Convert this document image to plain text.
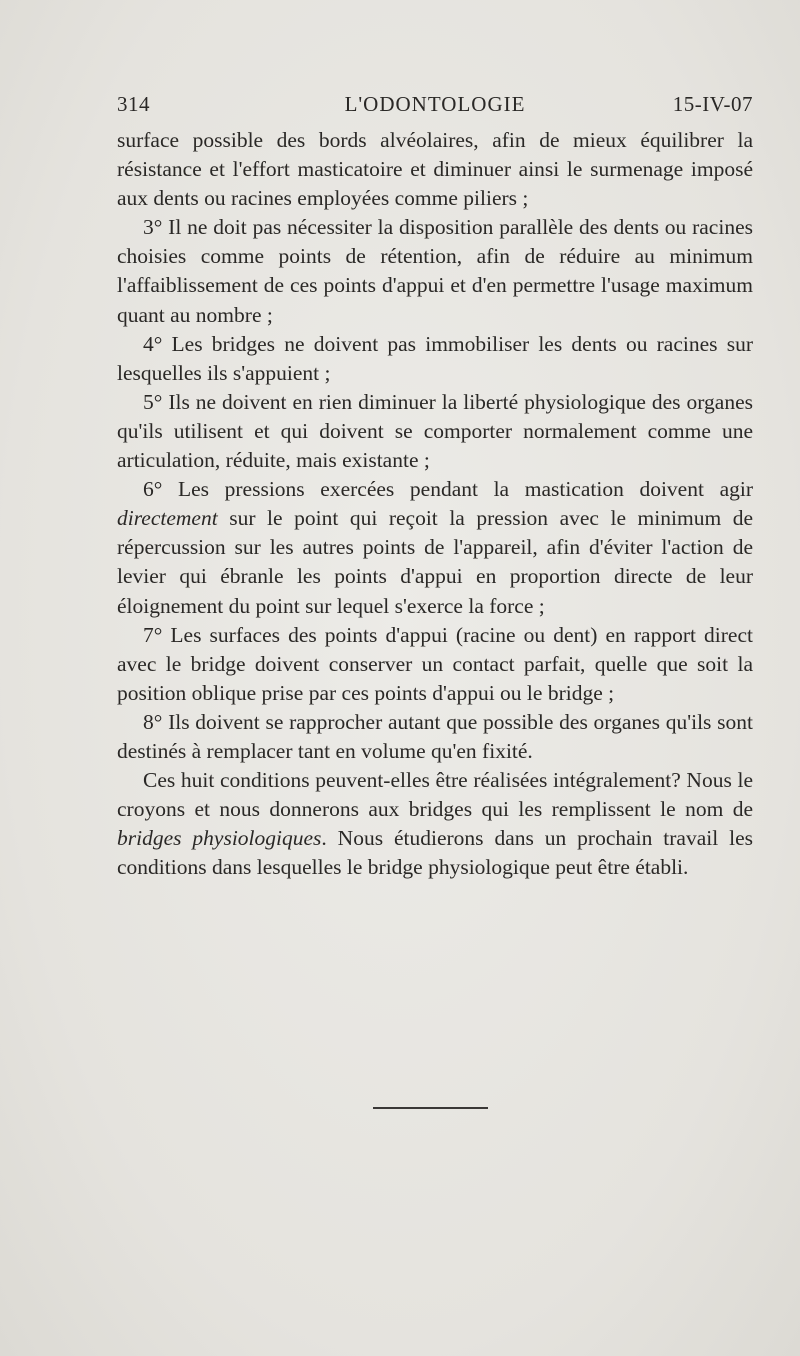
314	L'ODONTOLOGIE	15-IV-07

surface possible des bords alvéolaires, afin de mieux équilibrer la résistance et l'effort masticatoire et diminuer ainsi le surmenage imposé aux dents ou racines employées comme piliers ;

3° Il ne doit pas nécessiter la disposition parallèle des dents ou racines choisies comme points de rétention, afin de réduire au minimum l'affaiblissement de ces points d'appui et d'en permettre l'usage maximum quant au nombre ;

4° Les bridges ne doivent pas immobiliser les dents ou racines sur lesquelles ils s'appuient ;

5° Ils ne doivent en rien diminuer la liberté physiologique des organes qu'ils utilisent et qui doivent se comporter normalement comme une articulation, réduite, mais existante ;

6° Les pressions exercées pendant la mastication doivent agir directement sur le point qui reçoit la pression avec le minimum de répercussion sur les autres points de l'appareil, afin d'éviter l'action de levier qui ébranle les points d'appui en proportion directe de leur éloignement du point sur lequel s'exerce la force ;

7° Les surfaces des points d'appui (racine ou dent) en rapport direct avec le bridge doivent conserver un contact parfait, quelle que soit la position oblique prise par ces points d'appui ou le bridge ;

8° Ils doivent se rapprocher autant que possible des organes qu'ils sont destinés à remplacer tant en volume qu'en fixité.

Ces huit conditions peuvent-elles être réalisées intégralement? Nous le croyons et nous donnerons aux bridges qui les remplissent le nom de bridges physiologiques. Nous étudierons dans un prochain travail les conditions dans lesquelles le bridge physiologique peut être établi.
